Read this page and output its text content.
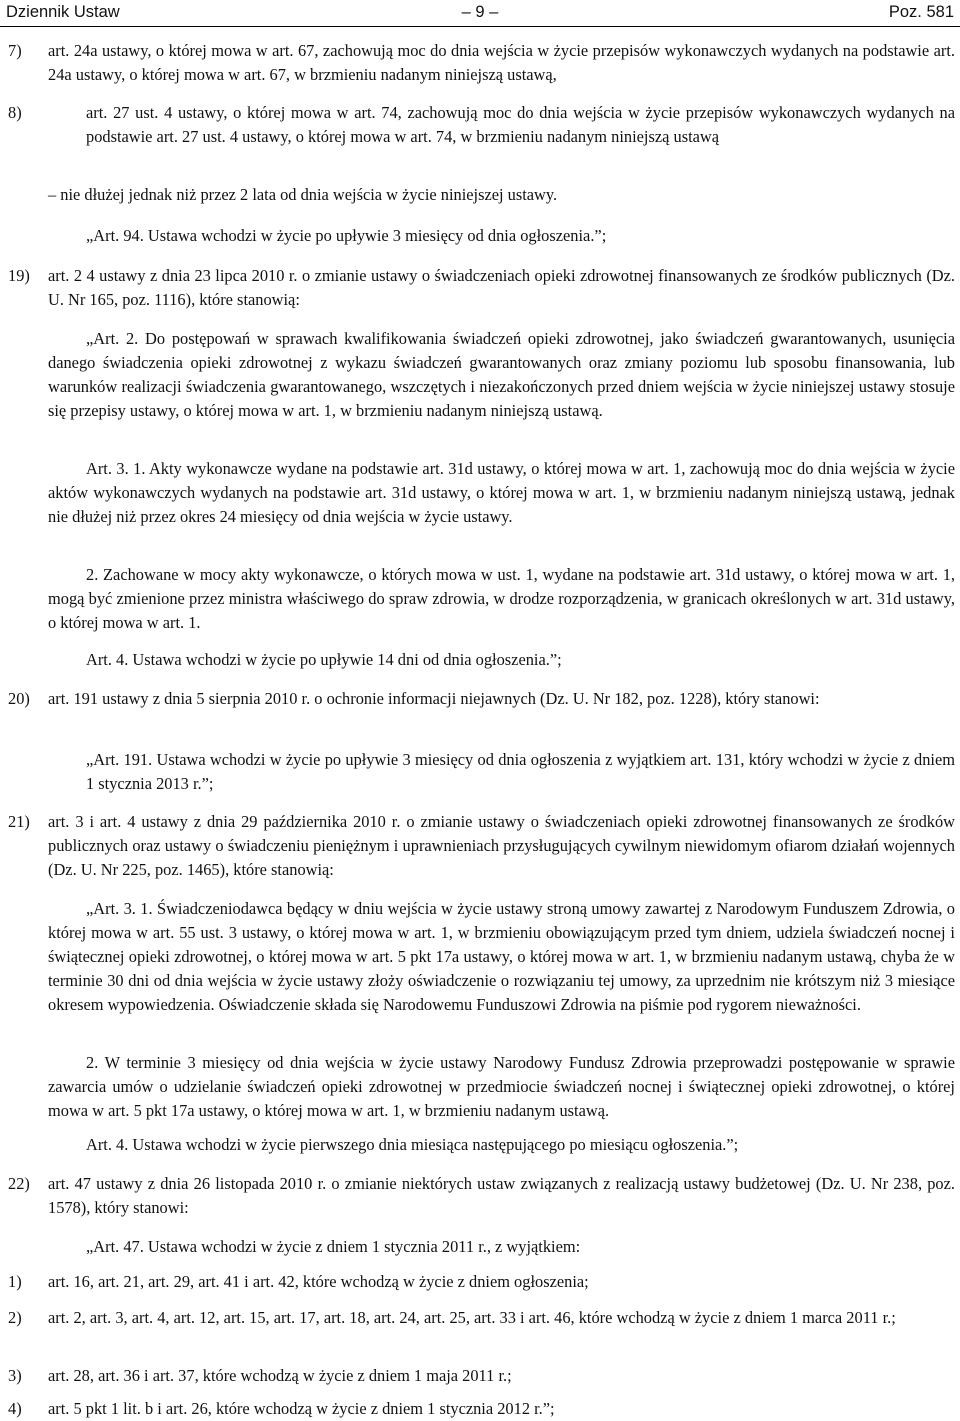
– 9 –
Dziennik Ustaw	Poz. 581
7) art. 24a ustawy, o której mowa w art. 67, zachowują moc do dnia wejścia w życie przepisów wykonawczych wydanych na podstawie art. 24a ustawy, o której mowa w art. 67, w brzmieniu nadanym niniejszą ustawą,
8)	art. 27 ust. 4 ustawy, o której mowa w art. 74, zachowują moc do dnia wejścia w życie przepisów wykonawczych wydanych na podstawie art. 27 ust. 4 ustawy, o której mowa w art. 74, w brzmieniu nadanym niniejszą ustawą
– nie dłużej jednak niż przez 2 lata od dnia wejścia w życie niniejszej ustawy.
„Art. 94. Ustawa wchodzi w życie po upływie 3 miesięcy od dnia ogłoszenia.”;
19) art. 2 4 ustawy z dnia 23 lipca 2010 r. o zmianie ustawy o świadczeniach opieki zdrowotnej finansowanych ze środków publicznych (Dz. U. Nr 165, poz. 1116), które stanowią:
„Art. 2. Do postępowań w sprawach kwalifikowania świadczeń opieki zdrowotnej, jako świadczeń gwarantowanych, usunięcia danego świadczenia opieki zdrowotnej z wykazu świadczeń gwarantowanych oraz zmiany poziomu lub sposobu finansowania, lub warunków realizacji świadczenia gwarantowanego, wszczętych i niezakończonych przed dniem wejścia w życie niniejszej ustawy stosuje się przepisy ustawy, o której mowa w art. 1, w brzmieniu nadanym niniejszą ustawą.
Art. 3. 1. Akty wykonawcze wydane na podstawie art. 31d ustawy, o której mowa w art. 1, zachowują moc do dnia wejścia w życie aktów wykonawczych wydanych na podstawie art. 31d ustawy, o której mowa w art. 1, w brzmieniu nadanym niniejszą ustawą, jednak nie dłużej niż przez okres 24 miesięcy od dnia wejścia w życie ustawy.
2. Zachowane w mocy akty wykonawcze, o których mowa w ust. 1, wydane na podstawie art. 31d ustawy, o której mowa w art. 1, mogą być zmienione przez ministra właściwego do spraw zdrowia, w drodze rozporządzenia, w granicach określonych w art. 31d ustawy, o której mowa w art. 1.
Art. 4. Ustawa wchodzi w życie po upływie 14 dni od dnia ogłoszenia.”;
20) art. 191 ustawy z dnia 5 sierpnia 2010 r. o ochronie informacji niejawnych (Dz. U. Nr 182, poz. 1228), który stanowi:
„Art. 191. Ustawa wchodzi w życie po upływie 3 miesięcy od dnia ogłoszenia z wyjątkiem art. 131, który wchodzi w życie z dniem 1 stycznia 2013 r.”;
21) art. 3 i art. 4 ustawy z dnia 29 października 2010 r. o zmianie ustawy o świadczeniach opieki zdrowotnej finansowanych ze środków publicznych oraz ustawy o świadczeniu pieniężnym i uprawnieniach przysługujących cywilnym niewidomym ofiarom działań wojennych (Dz. U. Nr 225, poz. 1465), które stanowią:
„Art. 3. 1. Świadczeniodawca będący w dniu wejścia w życie ustawy stroną umowy zawartej z Narodowym Funduszem Zdrowia, o której mowa w art. 55 ust. 3 ustawy, o której mowa w art. 1, w brzmieniu obowiązującym przed tym dniem, udziela świadczeń nocnej i świątecznej opieki zdrowotnej, o której mowa w art. 5 pkt 17a ustawy, o której mowa w art. 1, w brzmieniu nadanym ustawą, chyba że w terminie 30 dni od dnia wejścia w życie ustawy złoży oświadczenie o rozwiązaniu tej umowy, za uprzednim nie krótszym niż 3 miesiące okresem wypowiedzenia. Oświadczenie składa się Narodowemu Funduszowi Zdrowia na piśmie pod rygorem nieważności.
2. W terminie 3 miesięcy od dnia wejścia w życie ustawy Narodowy Fundusz Zdrowia przeprowadzi postępowanie w sprawie zawarcia umów o udzielanie świadczeń opieki zdrowotnej w przedmiocie świadczeń nocnej i świątecznej opieki zdrowotnej, o której mowa w art. 5 pkt 17a ustawy, o której mowa w art. 1, w brzmieniu nadanym ustawą.
Art. 4. Ustawa wchodzi w życie pierwszego dnia miesiąca następującego po miesiącu ogłoszenia.”;
22) art. 47 ustawy z dnia 26 listopada 2010 r. o zmianie niektórych ustaw związanych z realizacją ustawy budżetowej (Dz. U. Nr 238, poz. 1578), który stanowi:
„Art. 47. Ustawa wchodzi w życie z dniem 1 stycznia 2011 r., z wyjątkiem:
1) art. 16, art. 21, art. 29, art. 41 i art. 42, które wchodzą w życie z dniem ogłoszenia;
2) art. 2, art. 3, art. 4, art. 12, art. 15, art. 17, art. 18, art. 24, art. 25, art. 33 i art. 46, które wchodzą w życie z dniem 1 marca 2011 r.;
3) art. 28, art. 36 i art. 37, które wchodzą w życie z dniem 1 maja 2011 r.;
4) art. 5 pkt 1 lit. b i art. 26, które wchodzą w życie z dniem 1 stycznia 2012 r.”;
